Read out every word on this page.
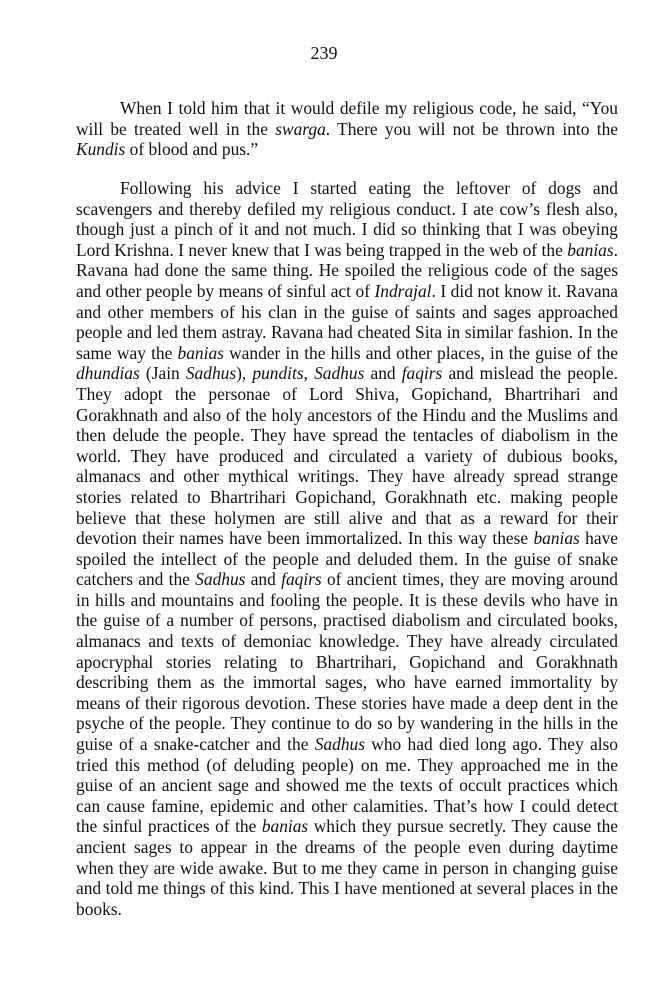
239

When I told him that it would defile my religious code, he said, “You will be treated well in the swarga. There you will not be thrown into the Kundis of blood and pus.”

Following his advice I started eating the leftover of dogs and scavengers and thereby defiled my religious conduct. I ate cow’s flesh also, though just a pinch of it and not much. I did so thinking that I was obeying Lord Krishna. I never knew that I was being trapped in the web of the banias. Ravana had done the same thing. He spoiled the religious code of the sages and other people by means of sinful act of Indrajal. I did not know it. Ravana and other members of his clan in the guise of saints and sages approached people and led them astray. Ravana had cheated Sita in similar fashion. In the same way the banias wander in the hills and other places, in the guise of the dhundias (Jain Sadhus), pundits, Sadhus and faqirs and mislead the people. They adopt the personae of Lord Shiva, Gopichand, Bhartrihari and Gorakhnath and also of the holy ancestors of the Hindu and the Muslims and then delude the people. They have spread the tentacles of diabolism in the world. They have produced and circulated a variety of dubious books, almanacs and other mythical writings. They have already spread strange stories related to Bhartrihari Gopichand, Gorakhnath etc. making people believe that these holymen are still alive and that as a reward for their devotion their names have been immortalized. In this way these banias have spoiled the intellect of the people and deluded them. In the guise of snake catchers and the Sadhus and faqirs of ancient times, they are moving around in hills and mountains and fooling the people. It is these devils who have in the guise of a number of persons, practised diabolism and circulated books, almanacs and texts of demoniac knowledge. They have already circulated apocryphal stories relating to Bhartrihari, Gopichand and Gorakhnath describing them as the immortal sages, who have earned immortality by means of their rigorous devotion. These stories have made a deep dent in the psyche of the people. They continue to do so by wandering in the hills in the guise of a snake-catcher and the Sadhus who had died long ago. They also tried this method (of deluding people) on me. They approached me in the guise of an ancient sage and showed me the texts of occult practices which can cause famine, epidemic and other calamities. That’s how I could detect the sinful practices of the banias which they pursue secretly. They cause the ancient sages to appear in the dreams of the people even during daytime when they are wide awake. But to me they came in person in changing guise and told me things of this kind. This I have mentioned at several places in the books.
